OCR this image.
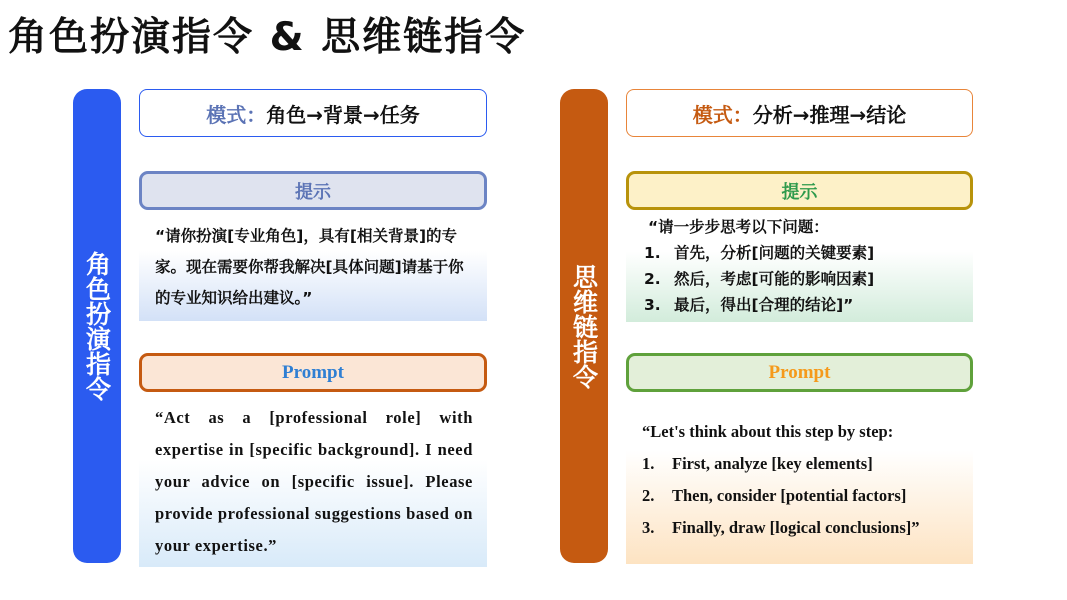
角色扮演指令 & 思维链指令
角色扮演指令
模式： 角色→背景→任务
提示
“请你扮演[专业角色]，具有[相关背景]的专家。现在需要你帮我解决[具体问题]请基于你的专业知识给出建议。”
Prompt
“Act as a [professional role] with expertise in [specific background]. I need your advice on [specific issue]. Please provide professional suggestions based on your expertise.”
思维链指令
模式： 分析→推理→结论
提示
“请一步步思考以下问题：
1. 首先，分析[问题的关键要素]
2. 然后，考虑[可能的影响因素]
3. 最后，得出[合理的结论]”
Prompt
“Let's think about this step by step:
1.	First, analyze [key elements]
2.	Then, consider [potential factors]
3.	Finally, draw [logical conclusions]”
